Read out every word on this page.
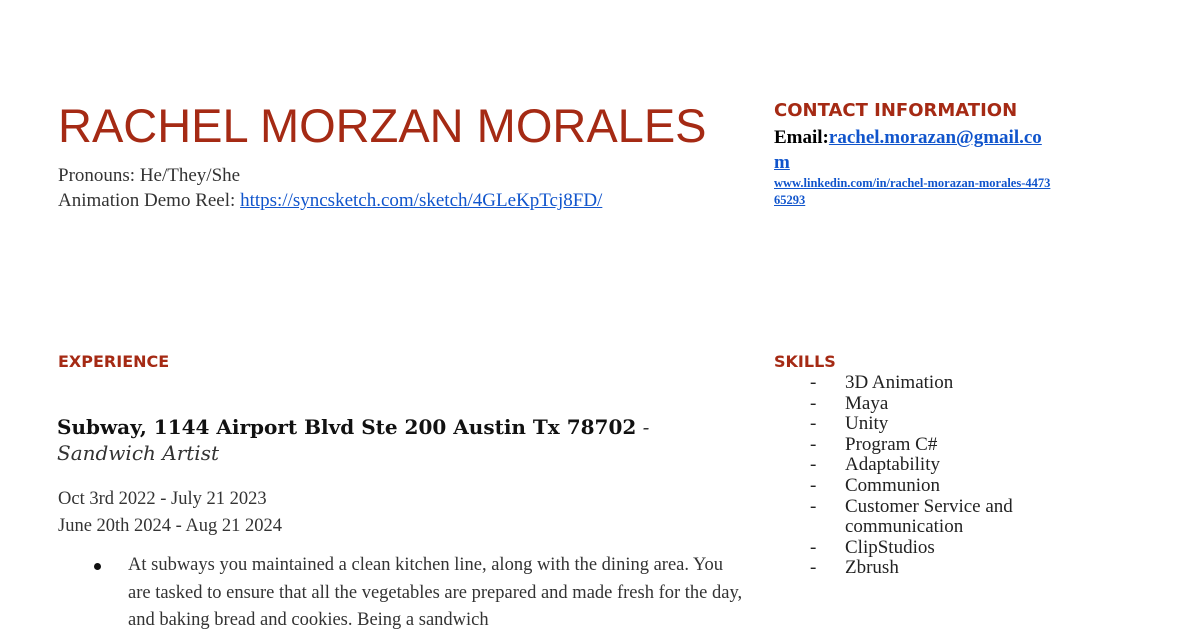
RACHEL MORZAN MORALES
Pronouns: He/They/She
Animation Demo Reel: https://syncsketch.com/sketch/4GLeKpTcj8FD/
CONTACT INFORMATION
Email:rachel.morazan@gmail.com
www.linkedin.com/in/rachel-morazan-morales-447365293
EXPERIENCE
Subway, 1144 Airport Blvd Ste 200 Austin Tx 78702 - Sandwich Artist
Oct 3rd 2022 - July 21 2023
June 20th 2024 - Aug 21 2024
At subways you maintained a clean kitchen line, along with the dining area. You are tasked to ensure that all the vegetables are prepared and made fresh for the day, and baking bread and cookies. Being a sandwich
SKILLS
- 3D Animation
- Maya
- Unity
- Program C#
- Adaptability
- Communion
- Customer Service and communication
- ClipStudios
- Zbrush
